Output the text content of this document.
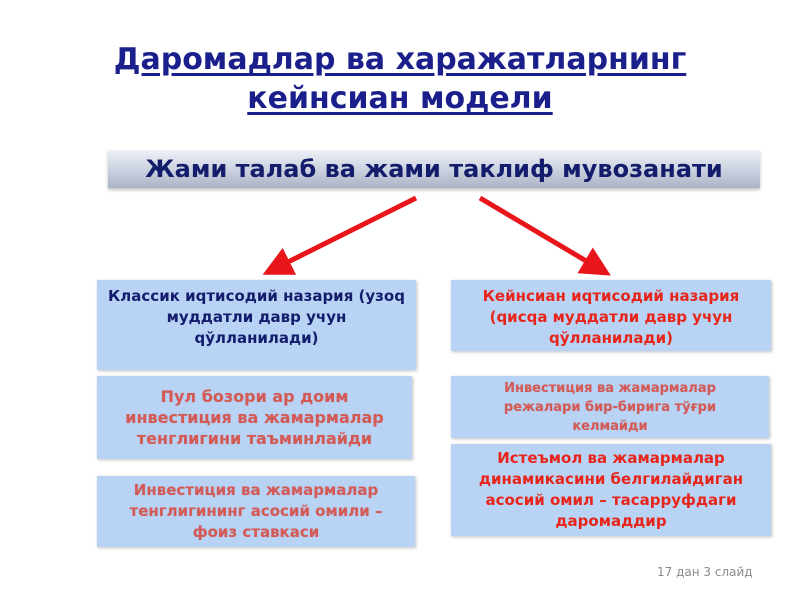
Даромадлар ва харажатларнинг
кейнсиан модели
Жами талаб ва жами таклиф мувозанати
Классик иqтисодий назария (узоq муддатли давр учун qўлланилади)
Пул бозори ар доим инвестиция ва жамармалар тенглигини таъминлайди
Инвестиция ва жамармалар тенглигининг асосий омили – фоиз ставкаси
Кейнсиан иqтисодий назария (qисqа муддатли давр учун qўлланилади)
Инвестиция ва жамармалар режалари бир-бирига тўғри келмайди
Истеъмол ва жамармалар динамикасини белгилайдиган асосий омил – тасарруфдаги даромаддир
17 дан 3 слайд
